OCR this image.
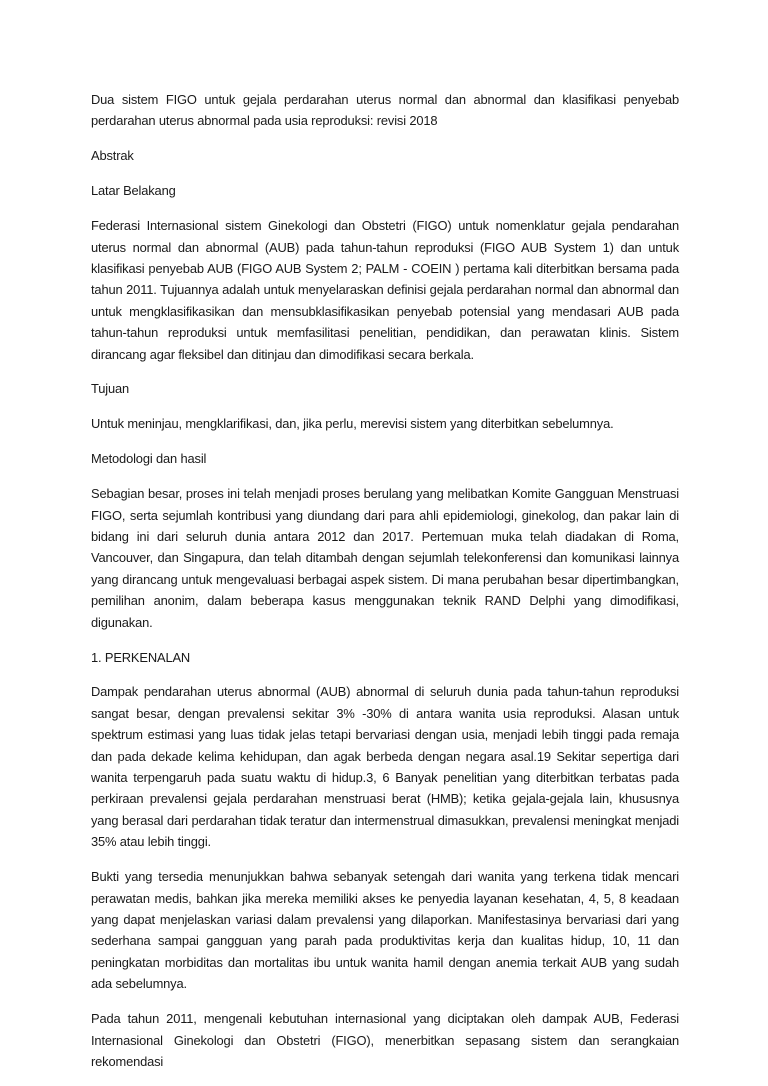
Dua sistem FIGO untuk gejala perdarahan uterus normal dan abnormal dan klasifikasi penyebab perdarahan uterus abnormal pada usia reproduksi: revisi 2018

Abstrak

Latar Belakang

Federasi Internasional sistem Ginekologi dan Obstetri (FIGO) untuk nomenklatur gejala pendarahan uterus normal dan abnormal (AUB) pada tahun-tahun reproduksi (FIGO AUB System 1) dan untuk klasifikasi penyebab AUB (FIGO AUB System 2; PALM - COEIN ) pertama kali diterbitkan bersama pada tahun 2011. Tujuannya adalah untuk menyelaraskan definisi gejala perdarahan normal dan abnormal dan untuk mengklasifikasikan dan mensubklasifikasikan penyebab potensial yang mendasari AUB pada tahun-tahun reproduksi untuk memfasilitasi penelitian, pendidikan, dan perawatan klinis. Sistem dirancang agar fleksibel dan ditinjau dan dimodifikasi secara berkala.

Tujuan

Untuk meninjau, mengklarifikasi, dan, jika perlu, merevisi sistem yang diterbitkan sebelumnya.

Metodologi dan hasil

Sebagian besar, proses ini telah menjadi proses berulang yang melibatkan Komite Gangguan Menstruasi FIGO, serta sejumlah kontribusi yang diundang dari para ahli epidemiologi, ginekolog, dan pakar lain di bidang ini dari seluruh dunia antara 2012 dan 2017. Pertemuan muka telah diadakan di Roma, Vancouver, dan Singapura, dan telah ditambah dengan sejumlah telekonferensi dan komunikasi lainnya yang dirancang untuk mengevaluasi berbagai aspek sistem. Di mana perubahan besar dipertimbangkan, pemilihan anonim, dalam beberapa kasus menggunakan teknik RAND Delphi yang dimodifikasi, digunakan.

1. PERKENALAN

Dampak pendarahan uterus abnormal (AUB) abnormal di seluruh dunia pada tahun-tahun reproduksi sangat besar, dengan prevalensi sekitar 3% -30% di antara wanita usia reproduksi. Alasan untuk spektrum estimasi yang luas tidak jelas tetapi bervariasi dengan usia, menjadi lebih tinggi pada remaja dan pada dekade kelima kehidupan, dan agak berbeda dengan negara asal.19 Sekitar sepertiga dari wanita terpengaruh pada suatu waktu di hidup.3, 6 Banyak penelitian yang diterbitkan terbatas pada perkiraan prevalensi gejala perdarahan menstruasi berat (HMB); ketika gejala-gejala lain, khususnya yang berasal dari perdarahan tidak teratur dan intermenstrual dimasukkan, prevalensi meningkat menjadi 35% atau lebih tinggi.

Bukti yang tersedia menunjukkan bahwa sebanyak setengah dari wanita yang terkena tidak mencari perawatan medis, bahkan jika mereka memiliki akses ke penyedia layanan kesehatan, 4, 5, 8 keadaan yang dapat menjelaskan variasi dalam prevalensi yang dilaporkan. Manifestasinya bervariasi dari yang sederhana sampai gangguan yang parah pada produktivitas kerja dan kualitas hidup, 10, 11 dan peningkatan morbiditas dan mortalitas ibu untuk wanita hamil dengan anemia terkait AUB yang sudah ada sebelumnya.

Pada tahun 2011, mengenali kebutuhan internasional yang diciptakan oleh dampak AUB, Federasi Internasional Ginekologi dan Obstetri (FIGO), menerbitkan sepasang sistem dan serangkaian rekomendasi
